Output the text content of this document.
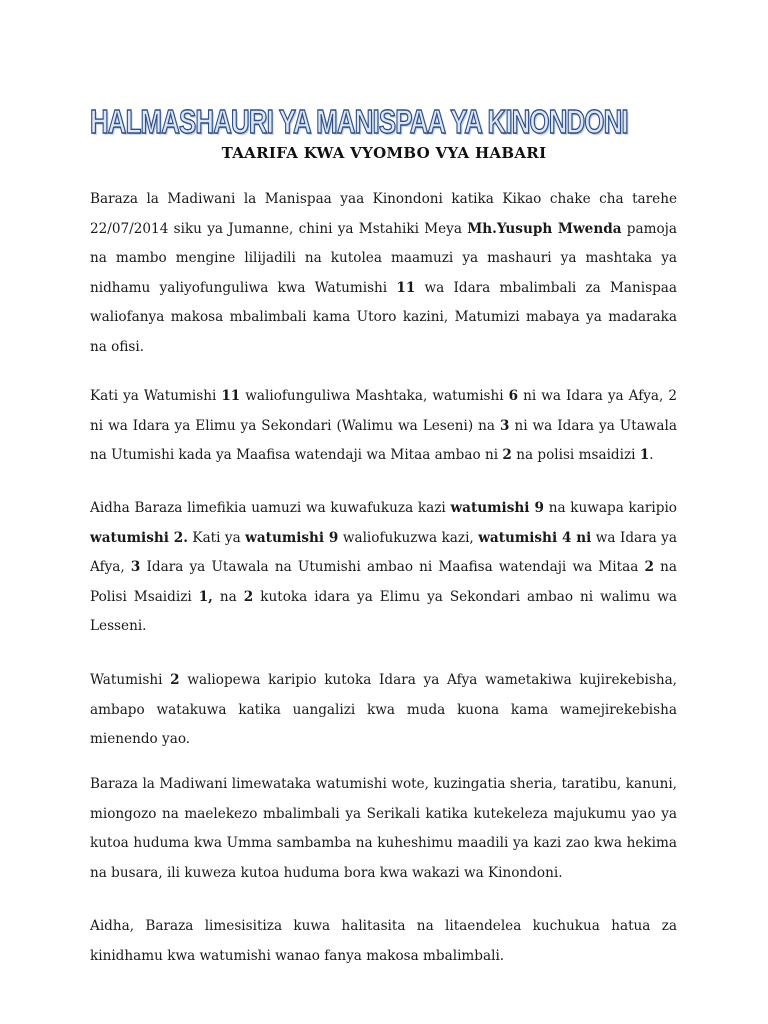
HALMASHAURI YA MANISPAA YA KINONDONI
TAARIFA KWA VYOMBO VYA HABARI

Baraza la Madiwani la Manispaa yaa Kinondoni katika Kikao chake cha tarehe 22/07/2014 siku ya Jumanne, chini ya Mstahiki Meya Mh.Yusuph Mwenda pamoja na mambo mengine lilijadili na kutolea maamuzi ya mashauri ya mashtaka ya nidhamu yaliyofunguliwa kwa Watumishi 11 wa Idara mbalimbali za Manispaa waliofanya makosa mbalimbali kama Utoro kazini, Matumizi mabaya ya madaraka na ofisi.

Kati ya Watumishi 11 waliofunguliwa Mashtaka, watumishi 6 ni wa Idara ya Afya, 2 ni wa Idara ya Elimu ya Sekondari (Walimu wa Leseni) na 3 ni wa Idara ya Utawala na Utumishi kada ya Maafisa watendaji wa Mitaa ambao ni 2 na polisi msaidizi 1.

Aidha Baraza limefikia uamuzi wa kuwafukuza kazi watumishi 9 na kuwapa karipio watumishi 2. Kati ya watumishi 9 waliofukuzwa kazi, watumishi 4 ni wa Idara ya Afya, 3 Idara ya Utawala na Utumishi ambao ni Maafisa watendaji wa Mitaa 2 na Polisi Msaidizi 1, na 2 kutoka idara ya Elimu ya Sekondari ambao ni walimu wa Lesseni.

Watumishi 2 waliopewa karipio kutoka Idara ya Afya wametakiwa kujirekebisha, ambapo watakuwa katika uangalizi kwa muda kuona kama wamejirekebisha mienendo yao.

Baraza la Madiwani limewataka watumishi wote, kuzingatia sheria, taratibu, kanuni, miongozo na maelekezo mbalimbali ya Serikali katika kutekeleza majukumu yao ya kutoa huduma kwa Umma sambamba na kuheshimu maadili ya kazi zao kwa hekima na busara, ili kuweza kutoa huduma bora kwa wakazi wa Kinondoni.

Aidha, Baraza limesisitiza kuwa halitasita na litaendelea kuchukua hatua za kinidhamu kwa watumishi wanao fanya makosa mbalimbali.
